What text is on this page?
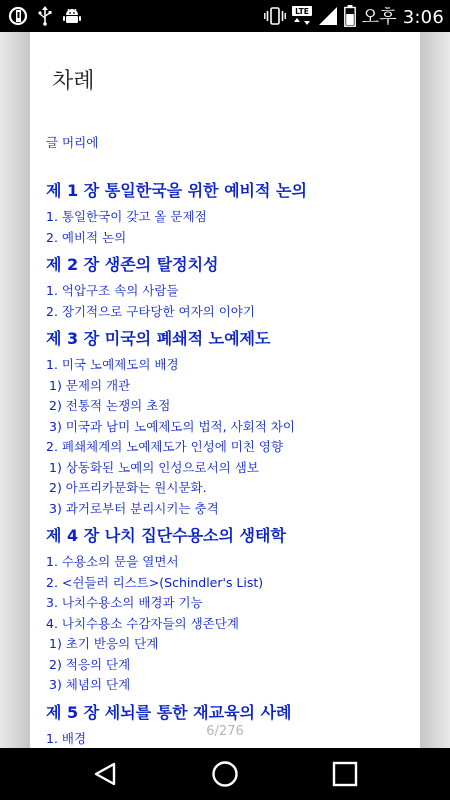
LTE	오후 3:06
차례
글 머리에
제 1 장 통일한국을 위한 예비적 논의
1. 통일한국이 갖고 올 문제점
2. 예비적 논의
제 2 장 생존의 탈정치성
1. 억압구조 속의 사람들
2. 장기적으로 구타당한 여자의 이야기
제 3 장 미국의 폐쇄적 노예제도
1. 미국 노예제도의 배경
1) 문제의 개관
2) 전통적 논쟁의 초점
3) 미국과 남미 노예제도의 법적, 사회적 차이
2. 폐쇄체계의 노예제도가 인성에 미친 영향
1) 상동화된 노예의 인성으로서의 샘보
2) 아프리카문화는 원시문화.
3) 과거로부터 분리시키는 충격
제 4 장 나치 집단수용소의 생태학
1. 수용소의 문을 열면서
2. <쉰들러 리스트>(Schindler's List)
3. 나치수용소의 배경과 기능
4. 나치수용소 수감자들의 생존단계
1) 초기 반응의 단계
2) 적응의 단계
3) 체념의 단계
제 5 장 세뇌를 통한 재교육의 사례
1. 배경	6/276
